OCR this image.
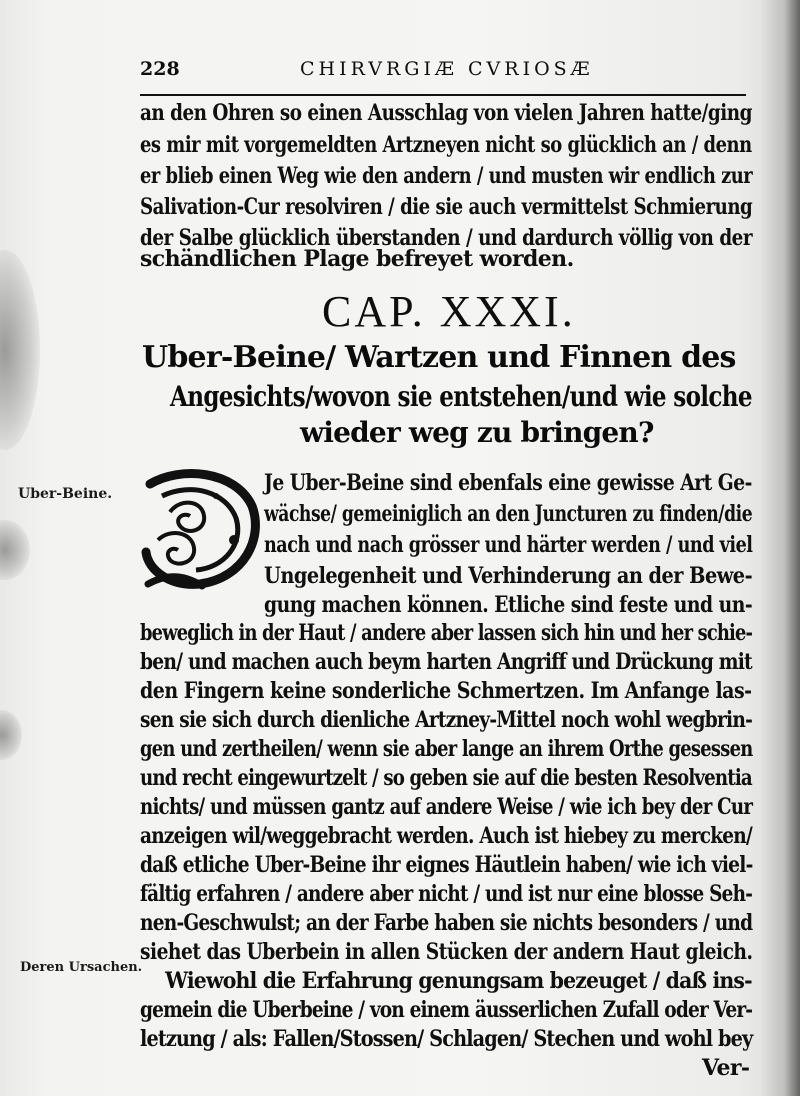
228	CHIRVRGIÆ CVRIOSÆ
an den Ohren so einen Ausschlag von vielen Jahren hatte/ging
es mir mit vorgemeldten Artzneyen nicht so glücklich an / denn
er blieb einen Weg wie den andern / und musten wir endlich zur
Salivation-Cur resolviren / die sie auch vermittelst Schmierung
der Salbe glücklich überstanden / und dardurch völlig von der
schändlichen Plage befreyet worden.
CAP. XXXI.
Uber-Beine/ Wartzen und Finnen des
Angesichts/wovon sie entstehen/und wie solche
wieder weg zu bringen?
Uber-Beine.
Deren Ursachen.
Je Uber-Beine sind ebenfals eine gewisse Art Ge-
wächse/ gemeiniglich an den Juncturen zu finden/die
nach und nach grösser und härter werden / und viel
Ungelegenheit und Verhinderung an der Bewe-
gung machen können. Etliche sind feste und un-
beweglich in der Haut / andere aber lassen sich hin und her schie-
ben/ und machen auch beym harten Angriff und Drückung mit
den Fingern keine sonderliche Schmertzen. Im Anfange las-
sen sie sich durch dienliche Artzney-Mittel noch wohl wegbrin-
gen und zertheilen/ wenn sie aber lange an ihrem Orthe gesessen
und recht eingewurtzelt / so geben sie auf die besten Resolventia
nichts/ und müssen gantz auf andere Weise / wie ich bey der Cur
anzeigen wil/weggebracht werden. Auch ist hiebey zu mercken/
daß etliche Uber-Beine ihr eignes Häutlein haben/ wie ich viel-
fältig erfahren / andere aber nicht / und ist nur eine blosse Seh-
nen-Geschwulst; an der Farbe haben sie nichts besonders / und
siehet das Uberbein in allen Stücken der andern Haut gleich.
Wiewohl die Erfahrung genungsam bezeuget / daß ins-
gemein die Uberbeine / von einem äusserlichen Zufall oder Ver-
letzung / als: Fallen/Stossen/ Schlagen/ Stechen und wohl bey
Ver-
